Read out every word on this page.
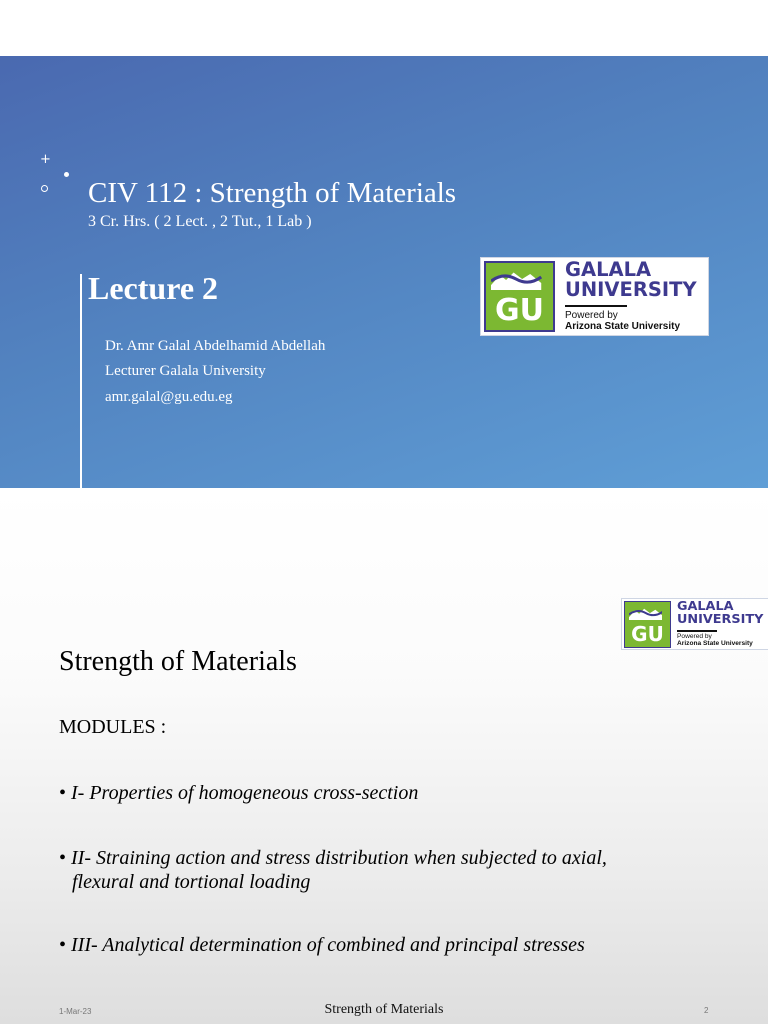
+
CIV 112 : Strength of Materials
3 Cr. Hrs. ( 2 Lect. , 2 Tut., 1 Lab )
Lecture 2
Dr. Amr Galal Abdelhamid Abdellah
Lecturer Galala University
amr.galal@gu.edu.eg
GU
GALALA
UNIVERSITY
Powered by
Arizona State University
GU
GALALA
UNIVERSITY
Powered by
Arizona State University
Strength of Materials
MODULES :
• I- Properties of homogeneous cross-section
• II- Straining action and stress distribution when subjected to axial,
flexural and tortional loading
• III- Analytical determination of combined and principal stresses
1-Mar-23	Strength of Materials	2
